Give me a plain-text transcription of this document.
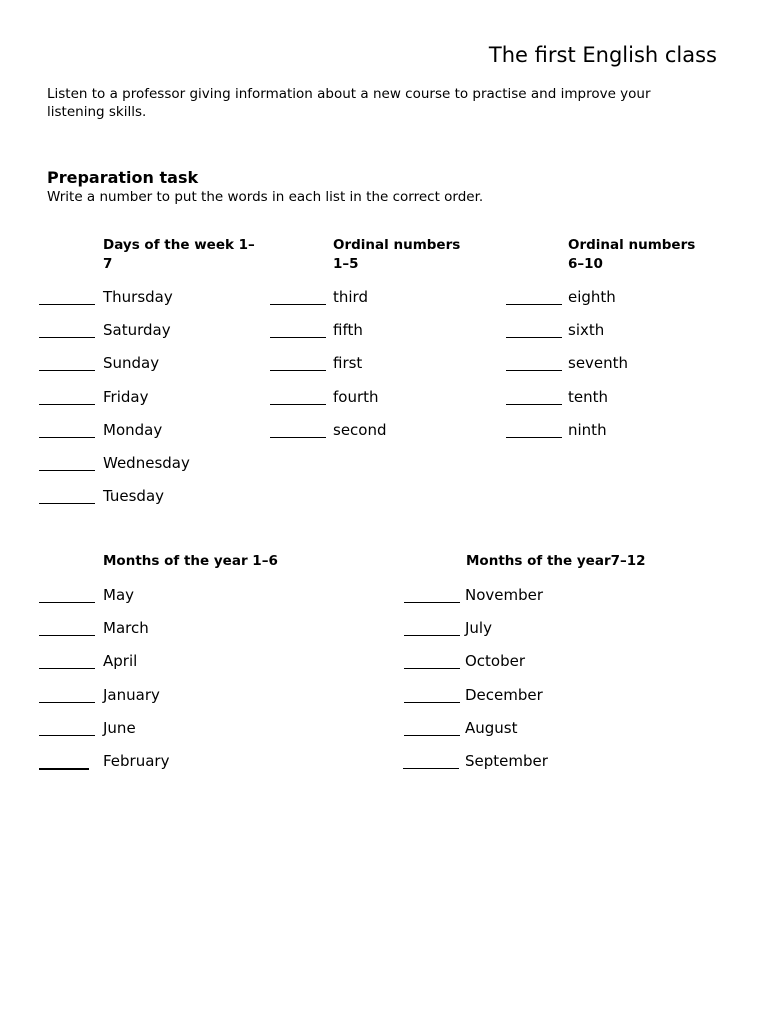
The first English class
Listen to a professor giving information about a new course to practise and improve your listening skills.
Preparation task
Write a number to put the words in each list in the correct order.
Days of the week 1–
7
Thursday
Saturday
Sunday
Friday
Monday
Wednesday
Tuesday
Ordinal numbers
1–5
third
fifth
first
fourth
second
Ordinal numbers
6–10
eighth
sixth
seventh
tenth
ninth
Months of the year 1–6
May
March
April
January
June
February
Months of the year7–12
November
July
October
December
August
September
